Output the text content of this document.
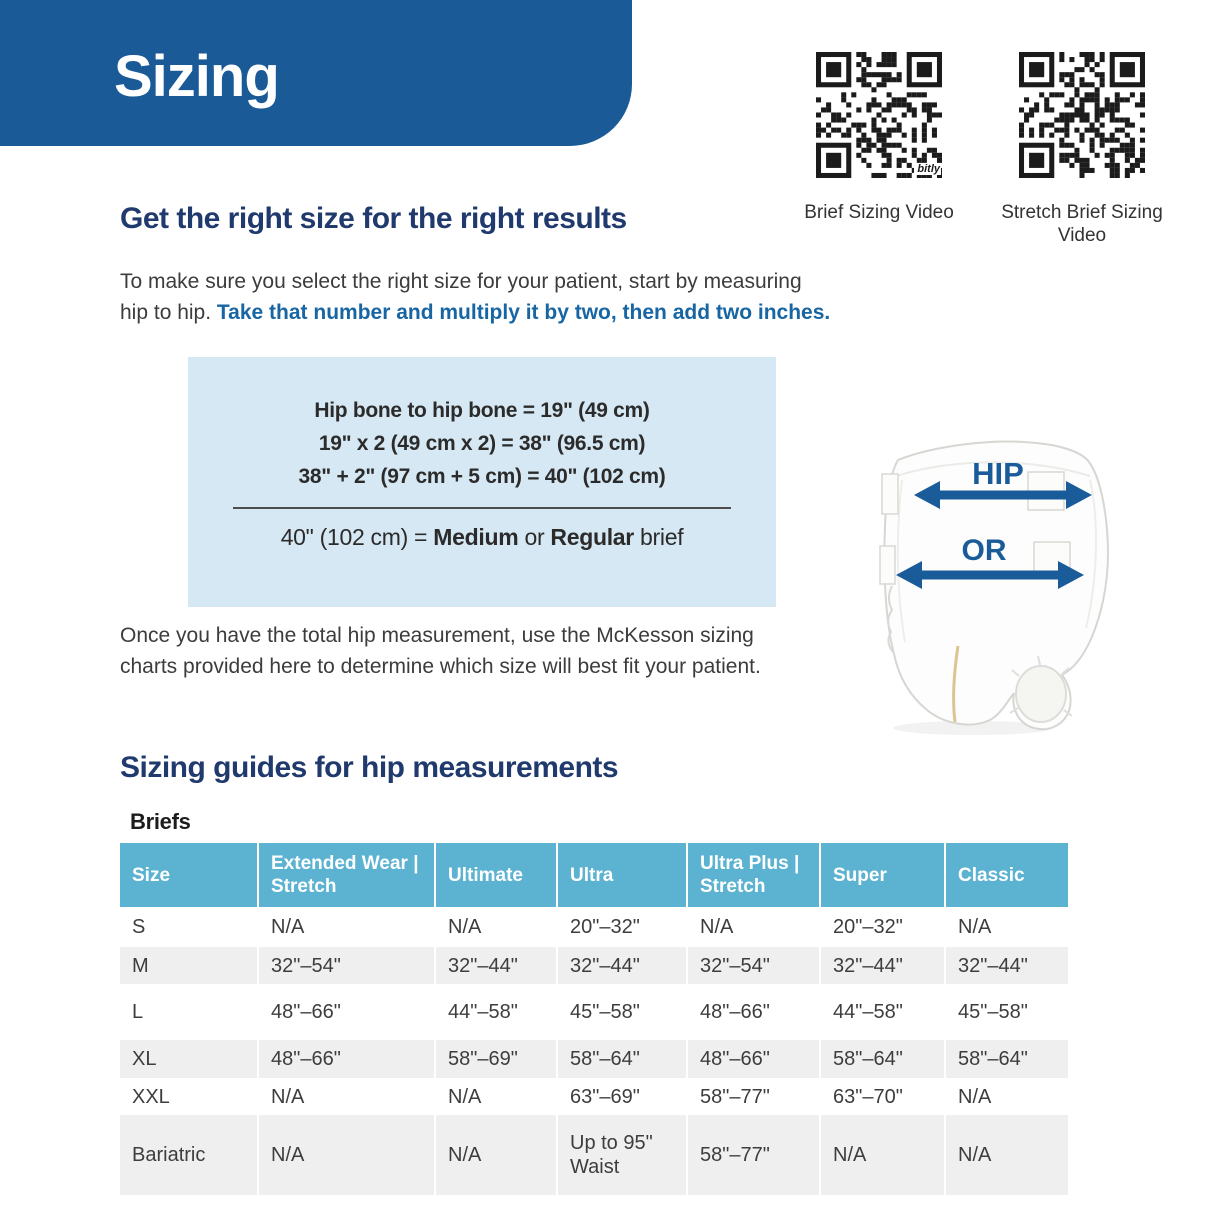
Sizing
bitly
Brief Sizing Video	Stretch Brief Sizing Video
Get the right size for the right results

To make sure you select the right size for your patient, start by measuring
hip to hip. Take that number and multiply it by two, then add two inches.

Hip bone to hip bone = 19" (49 cm)

19" x 2 (49 cm x 2) = 38" (96.5 cm)

38" + 2" (97 cm + 5 cm) = 40" (102 cm)

40" (102 cm) = Medium or Regular brief

HIP
OR

Once you have the total hip measurement, use the McKesson sizing
charts provided here to determine which size will best fit your patient.

Sizing guides for hip measurements
Briefs
Size	Extended Wear | Stretch	Ultimate	Ultra	Ultra Plus | Stretch	Super	Classic
S	N/A	N/A	20"–32"	N/A	20"–32"	N/A
M	32"–54"	32"–44"	32"–44"	32"–54"	32"–44"	32"–44"
L	48"–66"	44"–58"	45"–58"	48"–66"	44"–58"	45"–58"
XL	48"–66"	58"–69"	58"–64"	48"–66"	58"–64"	58"–64"
XXL	N/A	N/A	63"–69"	58"–77"	63"–70"	N/A
Bariatric	N/A	N/A	Up to 95" Waist	58"–77"	N/A	N/A
